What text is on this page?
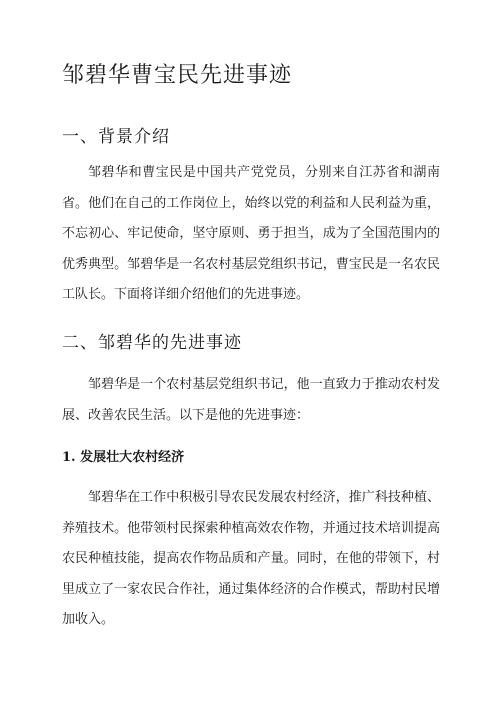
邹碧华曹宝民先进事迹
一、背景介绍

邹碧华和曹宝民是中国共产党党员，分别来自江苏省和湖南省。他们在自己的工作岗位上，始终以党的利益和人民利益为重，不忘初心、牢记使命，坚守原则、勇于担当，成为了全国范围内的优秀典型。邹碧华是一名农村基层党组织书记，曹宝民是一名农民工队长。下面将详细介绍他们的先进事迹。

二、邹碧华的先进事迹

邹碧华是一个农村基层党组织书记，他一直致力于推动农村发展、改善农民生活。以下是他的先进事迹：

1. 发展壮大农村经济

邹碧华在工作中积极引导农民发展农村经济，推广科技种植、养殖技术。他带领村民探索种植高效农作物，并通过技术培训提高农民种植技能，提高农作物品质和产量。同时，在他的带领下，村里成立了一家农民合作社，通过集体经济的合作模式，帮助村民增加收入。
